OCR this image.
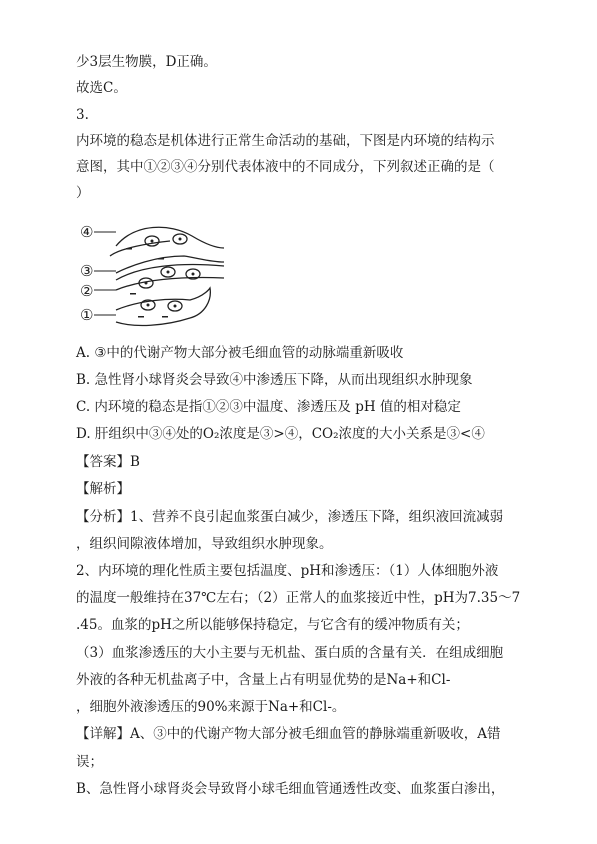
少3层生物膜，D正确。

故选C。

3.

内环境的稳态是机体进行正常生命活动的基础，下图是内环境的结构示

意图，其中①②③④分别代表体液中的不同成分，下列叙述正确的是（

）

④
③
②
①

A. ③中的代谢产物大部分被毛细血管的动脉端重新吸收

B. 急性肾小球肾炎会导致④中渗透压下降，从而出现组织水肿现象

C. 内环境的稳态是指①②③中温度、渗透压及 pH 值的相对稳定

D. 肝组织中③④处的O₂浓度是③>④，CO₂浓度的大小关系是③<④

【答案】B

【解析】

【分析】1、营养不良引起血浆蛋白减少，渗透压下降，组织液回流减弱

，组织间隙液体增加，导致组织水肿现象。

2、内环境的理化性质主要包括温度、pH和渗透压：（1）人体细胞外液

的温度一般维持在37℃左右；（2）正常人的血浆接近中性，pH为7.35～7

.45。血浆的pH之所以能够保持稳定，与它含有的缓冲物质有关；

（3）血浆渗透压的大小主要与无机盐、蛋白质的含量有关．在组成细胞

外液的各种无机盐离子中，含量上占有明显优势的是Na+和Cl-

，细胞外液渗透压的90%来源于Na+和Cl-。

【详解】A、③中的代谢产物大部分被毛细血管的静脉端重新吸收，A错

误；

B、急性肾小球肾炎会导致肾小球毛细血管通透性改变、血浆蛋白渗出，
